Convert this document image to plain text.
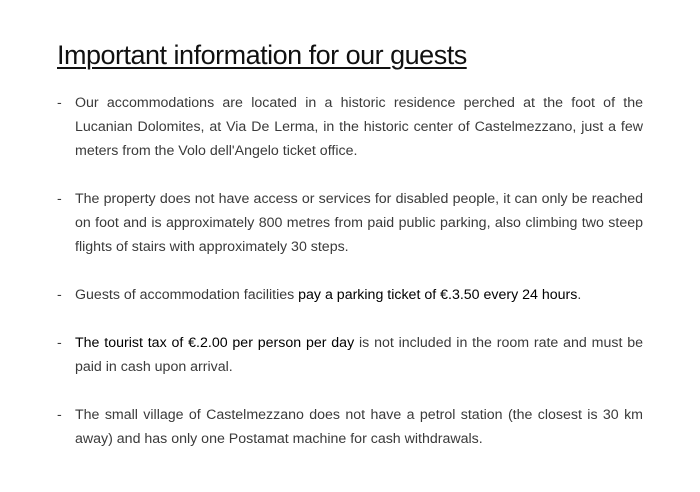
Important information for our guests
- Our accommodations are located in a historic residence perched at the foot of the Lucanian Dolomites, at Via De Lerma, in the historic center of Castelmezzano, just a few meters from the Volo dell'Angelo ticket office.
- The property does not have access or services for disabled people, it can only be reached on foot and is approximately 800 metres from paid public parking, also climbing two steep flights of stairs with approximately 30 steps.
- Guests of accommodation facilities pay a parking ticket of €.3.50 every 24 hours.
- The tourist tax of €.2.00 per person per day is not included in the room rate and must be paid in cash upon arrival.
- The small village of Castelmezzano does not have a petrol station (the closest is 30 km away) and has only one Postamat machine for cash withdrawals.
